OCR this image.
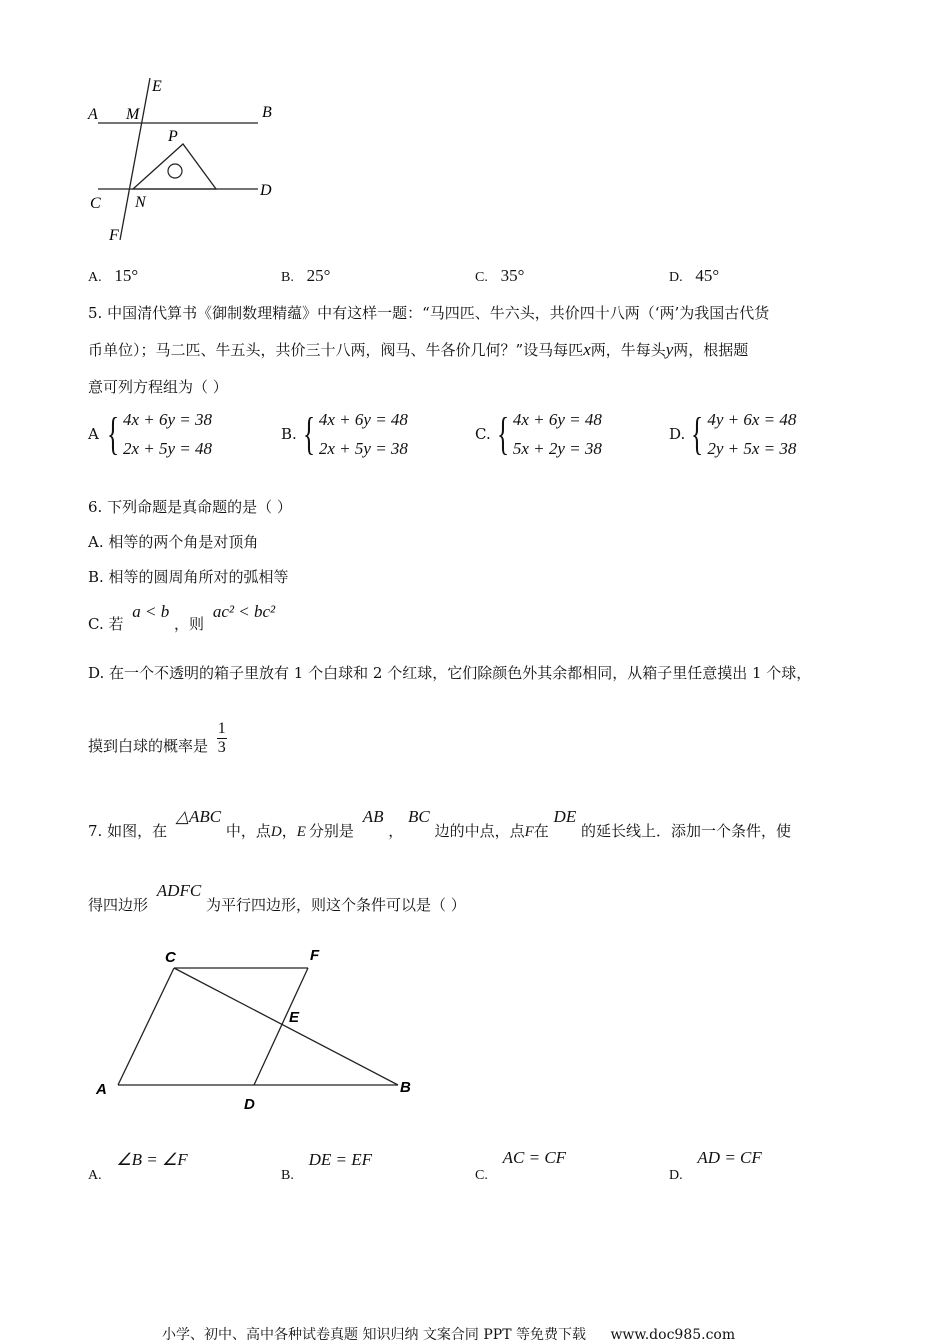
E
A M	B
P
C N
D
F
A. 15°	B. 25°	C. 35°	D. 45°
5. 中国清代算书《御制数理精蕴》中有这样一题：“马四匹、牛六头，共价四十八两（‘两’为我国古代货
币单位）；马二匹、牛五头，共价三十八两，阀马、牛各价几何？”设马每匹x两，牛每头y两，根据题
意可列方程组为（ ）
A { 4x + 6y = 38
2x + 5y = 48
B. { 4x + 6y = 48
2x + 5y = 38
C. { 4x + 6y = 48
5x + 2y = 38
D. { 4y + 6x = 48
2y + 5x = 38
6. 下列命题是真命题的是（ ）
A. 相等的两个角是对顶角
B. 相等的圆周角所对的弧相等
C. 若 a < b ，则 ac² < bc²
D. 在一个不透明的箱子里放有 1 个白球和 2 个红球，它们除颜色外其余都相同，从箱子里任意摸出 1 个球，
摸到白球的概率是 $\frac{1}{3}$
7. 如图，在 △ABC 中，点D，E 分别是 AB ， BC 边的中点，点F在 DE 的延长线上．添加一个条件，使
得四边形 ADFC 为平行四边形，则这个条件可以是（ ）
C	F
E
A
D
B
A. ∠B = ∠F
B. DE = EF
C. AC = CF
D. AD = CF
小学、初中、高中各种试卷真题 知识归纳 文案合同 PPT 等免费下载 www.doc985.com
